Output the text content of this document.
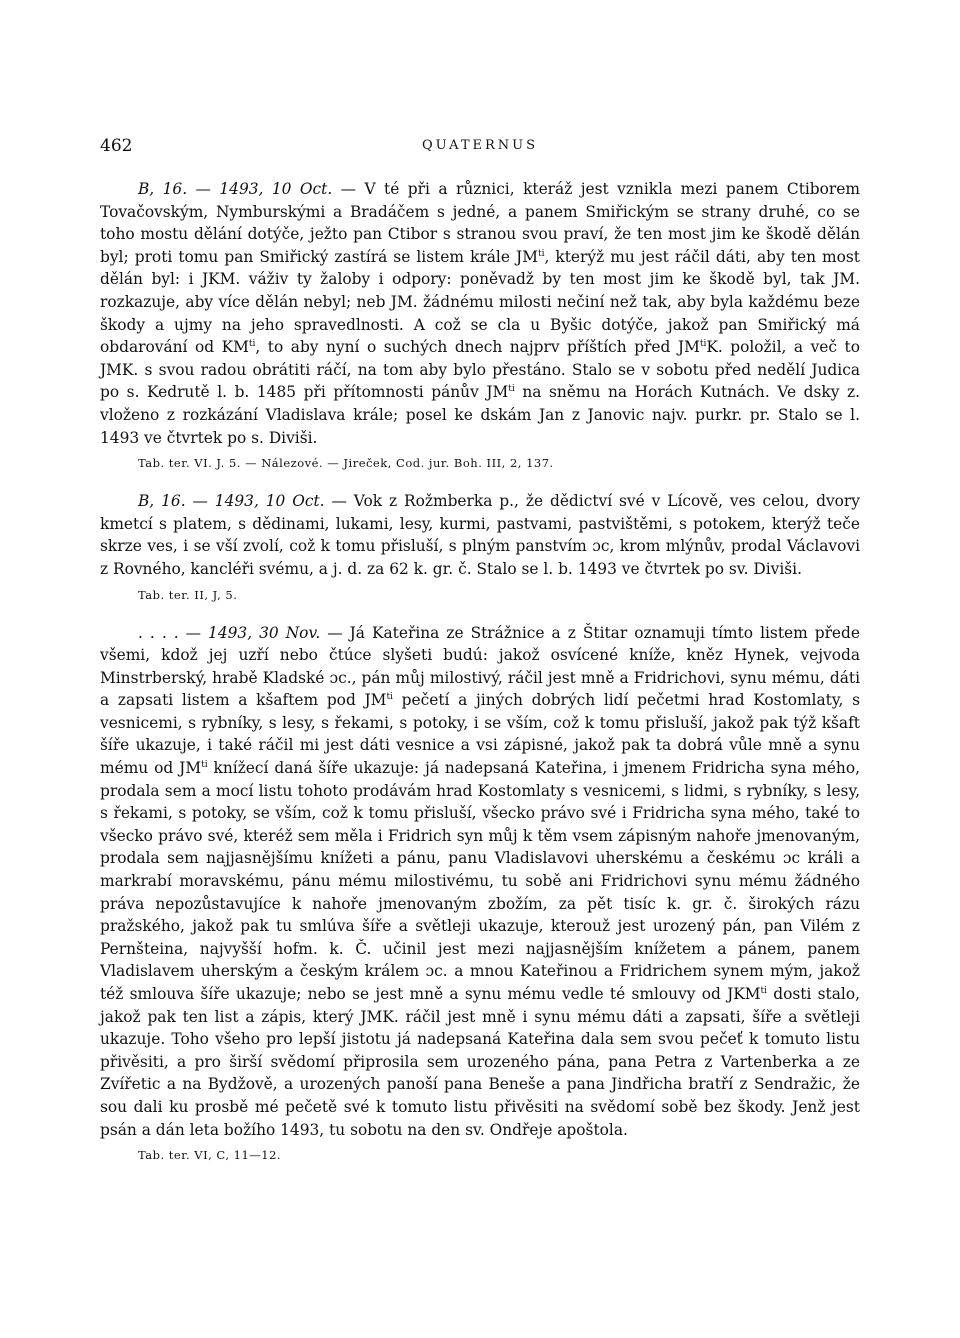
462	QUATERNUS

B, 16. — 1493, 10 Oct. — V té při a různici, kteráž jest vznikla mezi panem Ctiborem Tovačovským, Nymburskými a Bradáčem s jedné, a panem Smiřickým se strany druhé, co se toho mostu dělání dotýče, ježto pan Ctibor s stranou svou praví, že ten most jim ke škodě dělán byl; proti tomu pan Smiřický zastírá se listem krále $JM^{ti}$, kterýž mu jest ráčil dáti, aby ten most dělán byl: i JKM. váživ ty žaloby i odpory: poněvadž by ten most jim ke škodě byl, tak JM. rozkazuje, aby více dělán nebyl; neb JM. žádnému milosti nečiní než tak, aby byla každému beze škody a ujmy na jeho spravedlnosti. A což se cla u Byšic dotýče, jakož pan Smiřický má obdarování od $KM^{ti}$, to aby nyní o suchých dnech najprv příštích před $JM^{ti}K$. položil, a več to JMK. s svou radou obrátiti ráčí, na tom aby bylo přestáno. Stalo se v sobotu před nedělí Judica po s. Kedrutě l. b. 1485 při přítomnosti pánův $JM^{ti}$ na sněmu na Horách Kutnách. Ve dsky z. vloženo z rozkázání Vladislava krále; posel ke dskám Jan z Janovic najv. purkr. pr. Stalo se l. 1493 ve čtvrtek po s. Diviši.

Tab. ter. VI. J. 5. — Nálezové. — Jireček, Cod. jur. Boh. III, 2, 137.

B, 16. — 1493, 10 Oct. — Vok z Rožmberka p., že dědictví své v Lícově, ves celou, dvory kmetcí s platem, s dědinami, lukami, lesy, kurmi, pastvami, pastvištěmi, s potokem, kterýž teče skrze ves, i se vší zvolí, což k tomu přisluší, s plným panstvím ɔc, krom mlýnův, prodal Václavovi z Rovného, kancléři svému, a j. d. za 62 k. gr. č. Stalo se l. b. 1493 ve čtvrtek po sv. Diviši.

Tab. ter. II, J, 5.

. . . . — 1493, 30 Nov. — Já Kateřina ze Strážnice a z Štitar oznamuji tímto listem přede všemi, kdož jej uzří nebo čtúce slyšeti budú: jakož osvícené kníže, kněz Hynek, vejvoda Minstrberský, hrabě Kladské ɔc., pán můj milostivý, ráčil jest mně a Fridrichovi, synu mému, dáti a zapsati listem a kšaftem pod $JM^{ti}$ pečetí a jiných dobrých lidí pečetmi hrad Kostomlaty, s vesnicemi, s rybníky, s lesy, s řekami, s potoky, i se vším, což k tomu přisluší, jakož pak týž kšaft šíře ukazuje, i také ráčil mi jest dáti vesnice a vsi zápisné, jakož pak ta dobrá vůle mně a synu mému od $JM^{ti}$ knížecí daná šíře ukazuje: já nadepsaná Kateřina, i jmenem Fridricha syna mého, prodala sem a mocí listu tohoto prodávám hrad Kostomlaty s vesnicemi, s lidmi, s rybníky, s lesy, s řekami, s potoky, se vším, což k tomu přisluší, všecko právo své i Fridricha syna mého, také to všecko právo své, kteréž sem měla i Fridrich syn můj k těm vsem zápisným nahoře jmenovaným, prodala sem najjasnějšímu knížeti a pánu, panu Vladislavovi uherskému a českému ɔc králi a markrabí moravskému, pánu mému milostivému, tu sobě ani Fridrichovi synu mému žádného práva nepozůstavujíce k nahoře jmenovaným zbožím, za pět tisíc k. gr. č. širokých rázu pražského, jakož pak tu smlúva šíře a světleji ukazuje, kterouž jest urozený pán, pan Vilém z Pernšteina, najvyšší hofm. k. Č. učinil jest mezi najjasnějším knížetem a pánem, panem Vladislavem uherským a českým králem ɔc. a mnou Kateřinou a Fridrichem synem mým, jakož též smlouva šíře ukazuje; nebo se jest mně a synu mému vedle té smlouvy od $JKM^{ti}$ dosti stalo, jakož pak ten list a zápis, který JMK. ráčil jest mně i synu mému dáti a zapsati, šíře a světleji ukazuje. Toho všeho pro lepší jistotu já nadepsaná Kateřina dala sem svou pečeť k tomuto listu přivěsiti, a pro širší svědomí připrosila sem urozeného pána, pana Petra z Vartenberka a ze Zvířetic a na Bydžově, a urozených panoší pana Beneše a pana Jindřicha bratří z Sendražic, že sou dali ku prosbě mé pečetě své k tomuto listu přivěsiti na svědomí sobě bez škody. Jenž jest psán a dán leta božího 1493, tu sobotu na den sv. Ondřeje apoštola.

Tab. ter. VI, C, 11—12.
